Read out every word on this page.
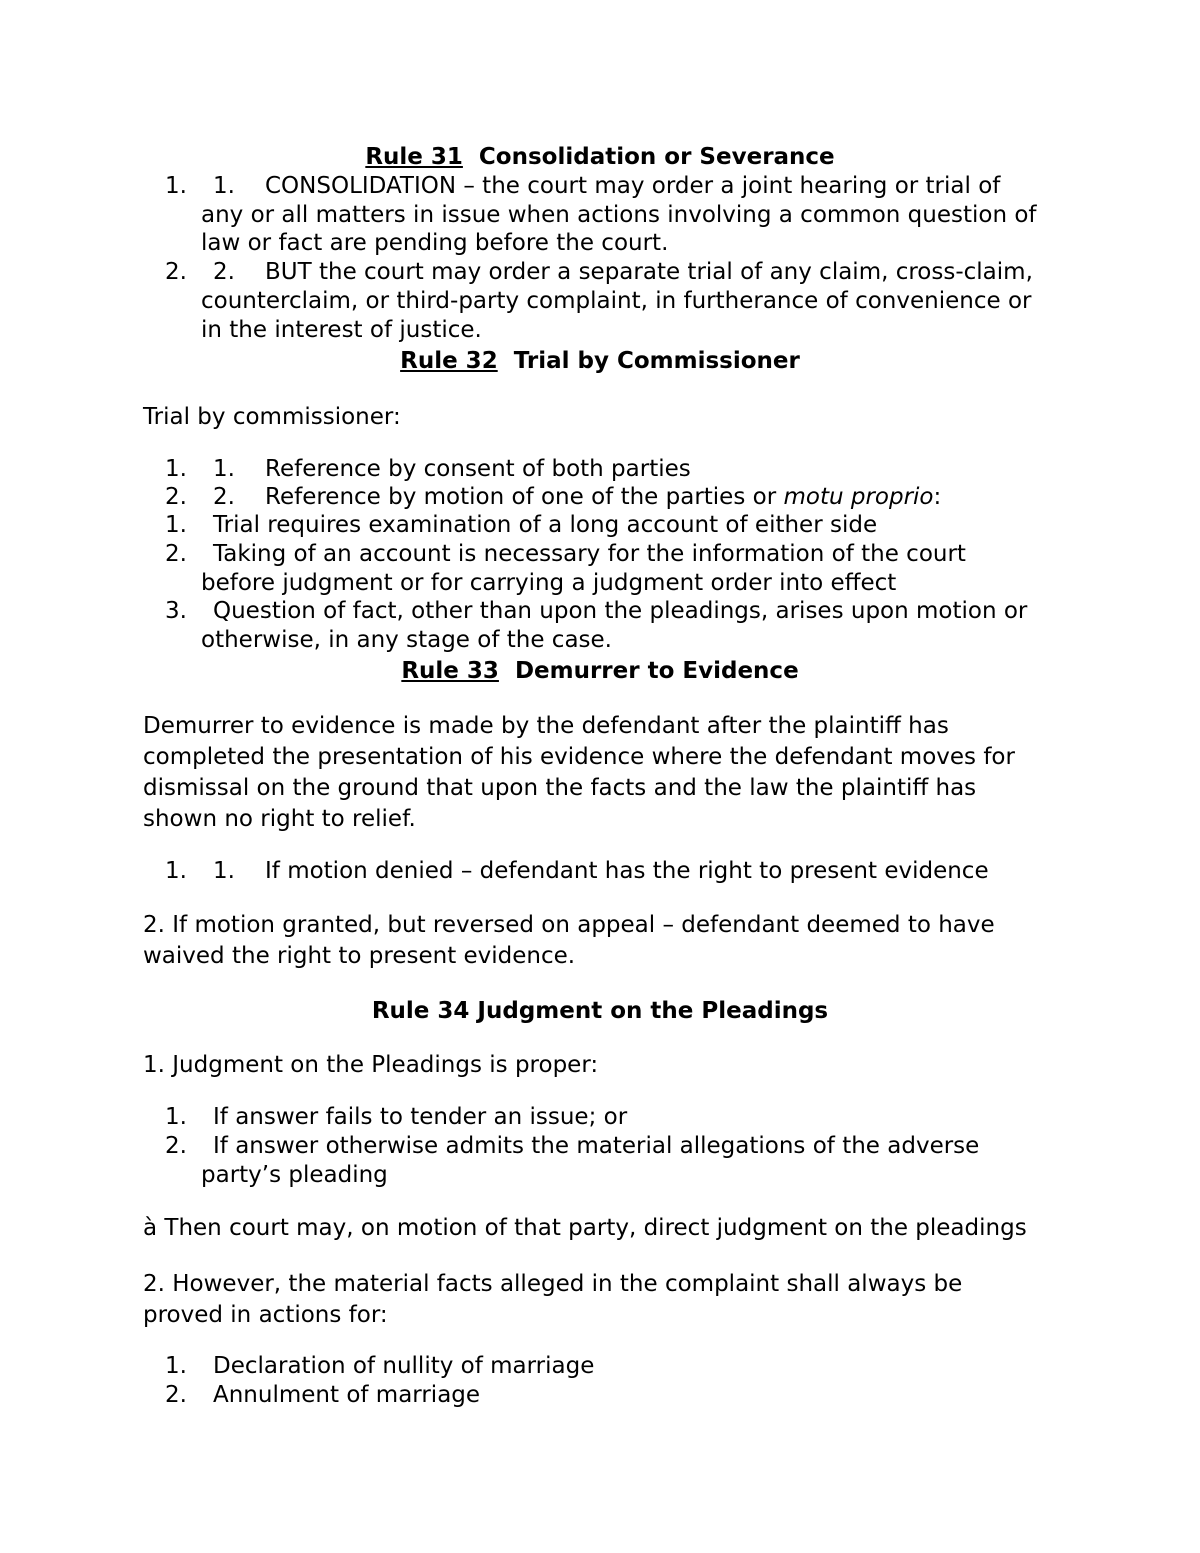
Rule 31 Consolidation or Severance
1. 1. CONSOLIDATION – the court may order a joint hearing or trial of
any or all matters in issue when actions involving a common question of
law or fact are pending before the court.
2. 2. BUT the court may order a separate trial of any claim, cross-claim,
counterclaim, or third-party complaint, in furtherance of convenience or
in the interest of justice.
Rule 32 Trial by Commissioner
Trial by commissioner:
1. 1. Reference by consent of both parties
2. 2. Reference by motion of one of the parties or motu proprio:
1. Trial requires examination of a long account of either side
2. Taking of an account is necessary for the information of the court
before judgment or for carrying a judgment order into effect
3. Question of fact, other than upon the pleadings, arises upon motion or
otherwise, in any stage of the case.
Rule 33 Demurrer to Evidence
Demurrer to evidence is made by the defendant after the plaintiff has
completed the presentation of his evidence where the defendant moves for
dismissal on the ground that upon the facts and the law the plaintiff has
shown no right to relief.
1. 1. If motion denied – defendant has the right to present evidence
2. If motion granted, but reversed on appeal – defendant deemed to have
waived the right to present evidence.
Rule 34 Judgment on the Pleadings
1. Judgment on the Pleadings is proper:
1. If answer fails to tender an issue; or
2. If answer otherwise admits the material allegations of the adverse
party’s pleading
à Then court may, on motion of that party, direct judgment on the pleadings
2. However, the material facts alleged in the complaint shall always be
proved in actions for:
1. Declaration of nullity of marriage
2. Annulment of marriage
